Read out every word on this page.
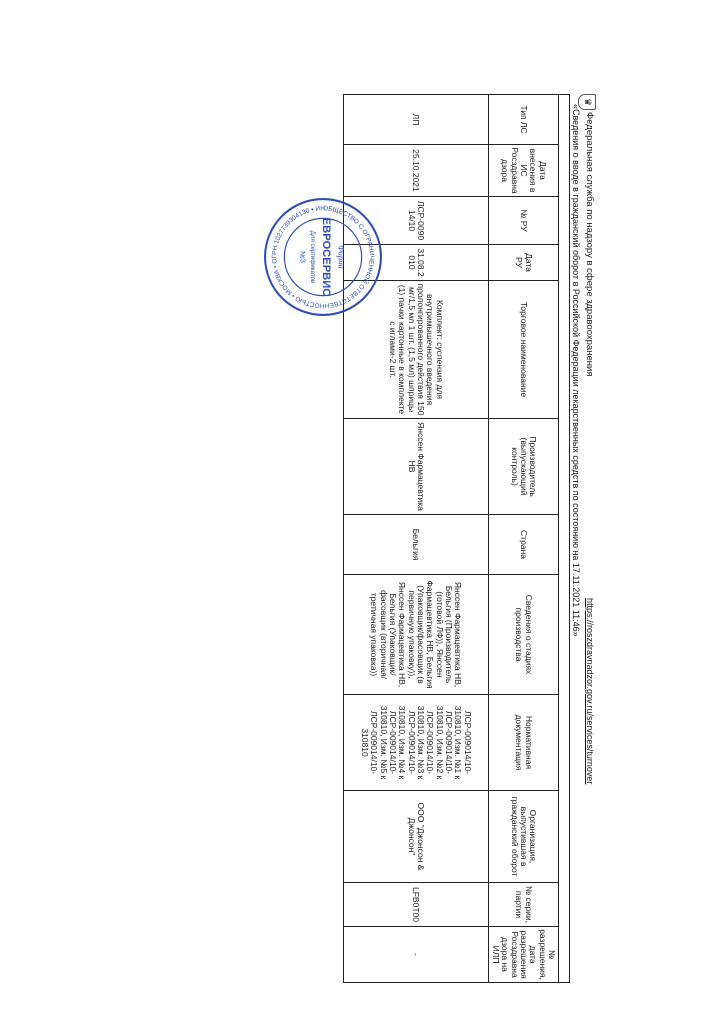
♛
Федеральная служба по надзору в сфере здравоохранения
https://roszdravnadzor.gov.ru/services/turnover
«Сведения о вводе в гражданский оборот в Российской Федерации лекарственных средств по состоянию на 17.11.2021 11:46»

Тип ЛС	Дата внесения в ИС Росздравнадзора	№ РУ	Дата РУ	Торговое наименование	Производитель (выпускающий контроль)	Страна	Сведения о стадиях производства	Нормативная документация	Организация, выпустившая в гражданский оборот	№ серии, партии	№ разрешения, дата разрешения Росздравнадзора на ИЛП
ЛП	25.10.2021	ЛСР-009014/10	31.08.2010	Комплект: суспензия для внутримышечного введения пролонгированного действия 150 мг/1,5 мл 1 шт. (1,5 мл) шприцы (1) пачки картонные в комплекте с иглами-2 шт.	Янссен Фармацевтика НВ	Бельгия	Янссен Фармацевтика НВ, Бельгия (Производитель (готовой ЛФ)), Янссен Фармацевтика НВ, Бельгия (Упаковщик/фасовщик (в первичную упаковку)), Янссен Фармацевтика НВ, Бельгия (Упаковщик/фасовщик (вторичная/третичная упаковка))	ЛСР-009014/10-310810, Изм. №1 к ЛСР-009014/10-310810, Изм. №2 к ЛСР-009014/10-310810, Изм. №3 к ЛСР-009014/10-310810, Изм. №4 к ЛСР-009014/10-310810, Изм. №5 к ЛСР-009014/10-310810	ООО "Джонсон & Джонсон"	LFB0T00	-
ОБЩЕСТВО С ОГРАНИЧЕННОЙ ОТВЕТСТВЕННОСТЬЮ • МОСКВА • ОГРН 1027739304130 • ИН
Фирма
ЕВРОСЕРВИС
Для сертификатов
№3
